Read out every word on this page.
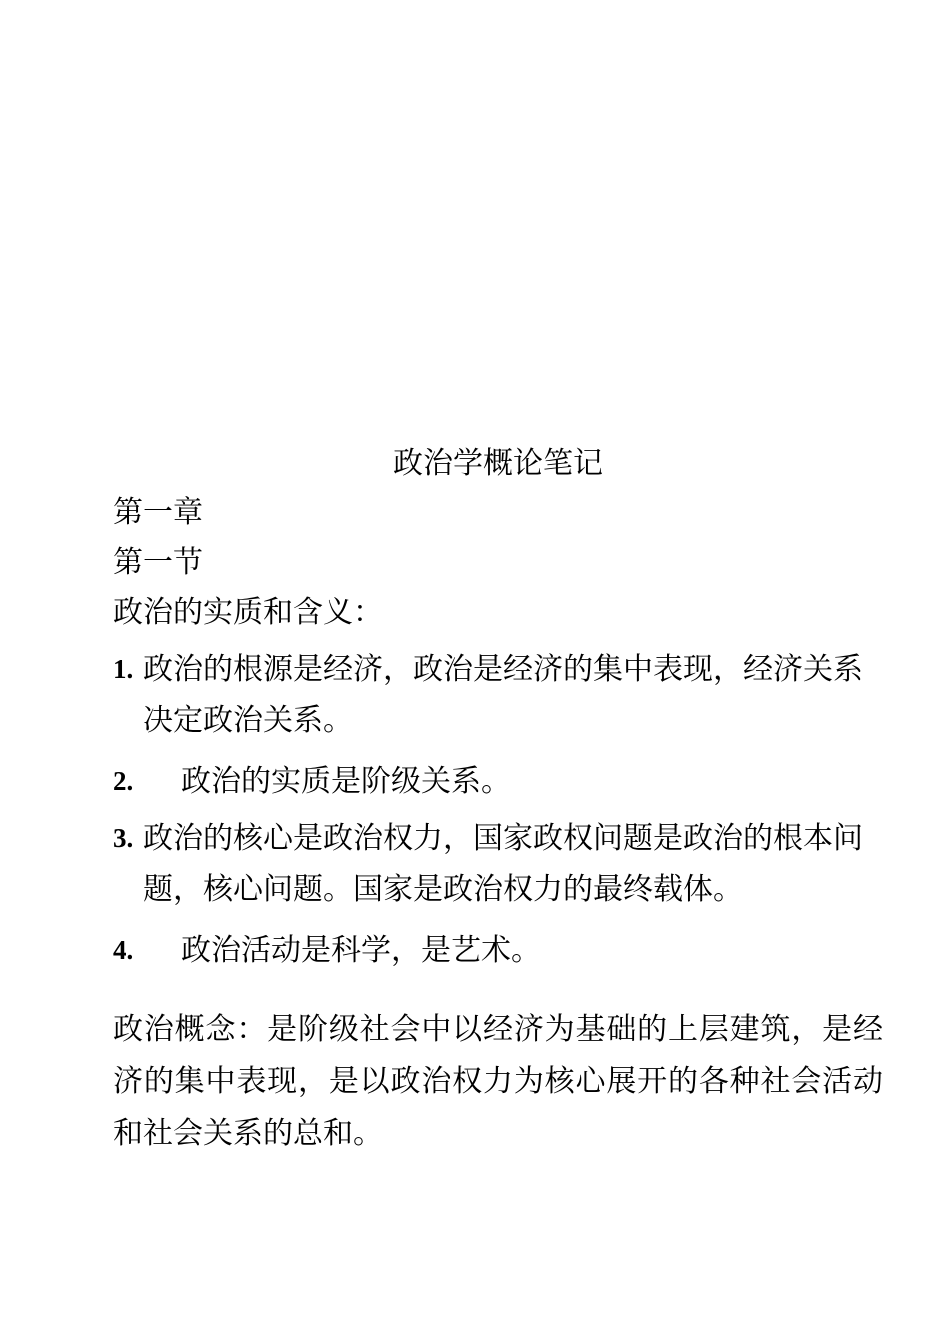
政治学概论笔记
第一章
第一节
政治的实质和含义：
1. 政治的根源是经济，政治是经济的集中表现，经济关系决定政治关系。
2. 政治的实质是阶级关系。
3. 政治的核心是政治权力，国家政权问题是政治的根本问题，核心问题。国家是政治权力的最终载体。
4. 政治活动是科学，是艺术。
政治概念：是阶级社会中以经济为基础的上层建筑，是经济的集中表现，是以政治权力为核心展开的各种社会活动和社会关系的总和。
